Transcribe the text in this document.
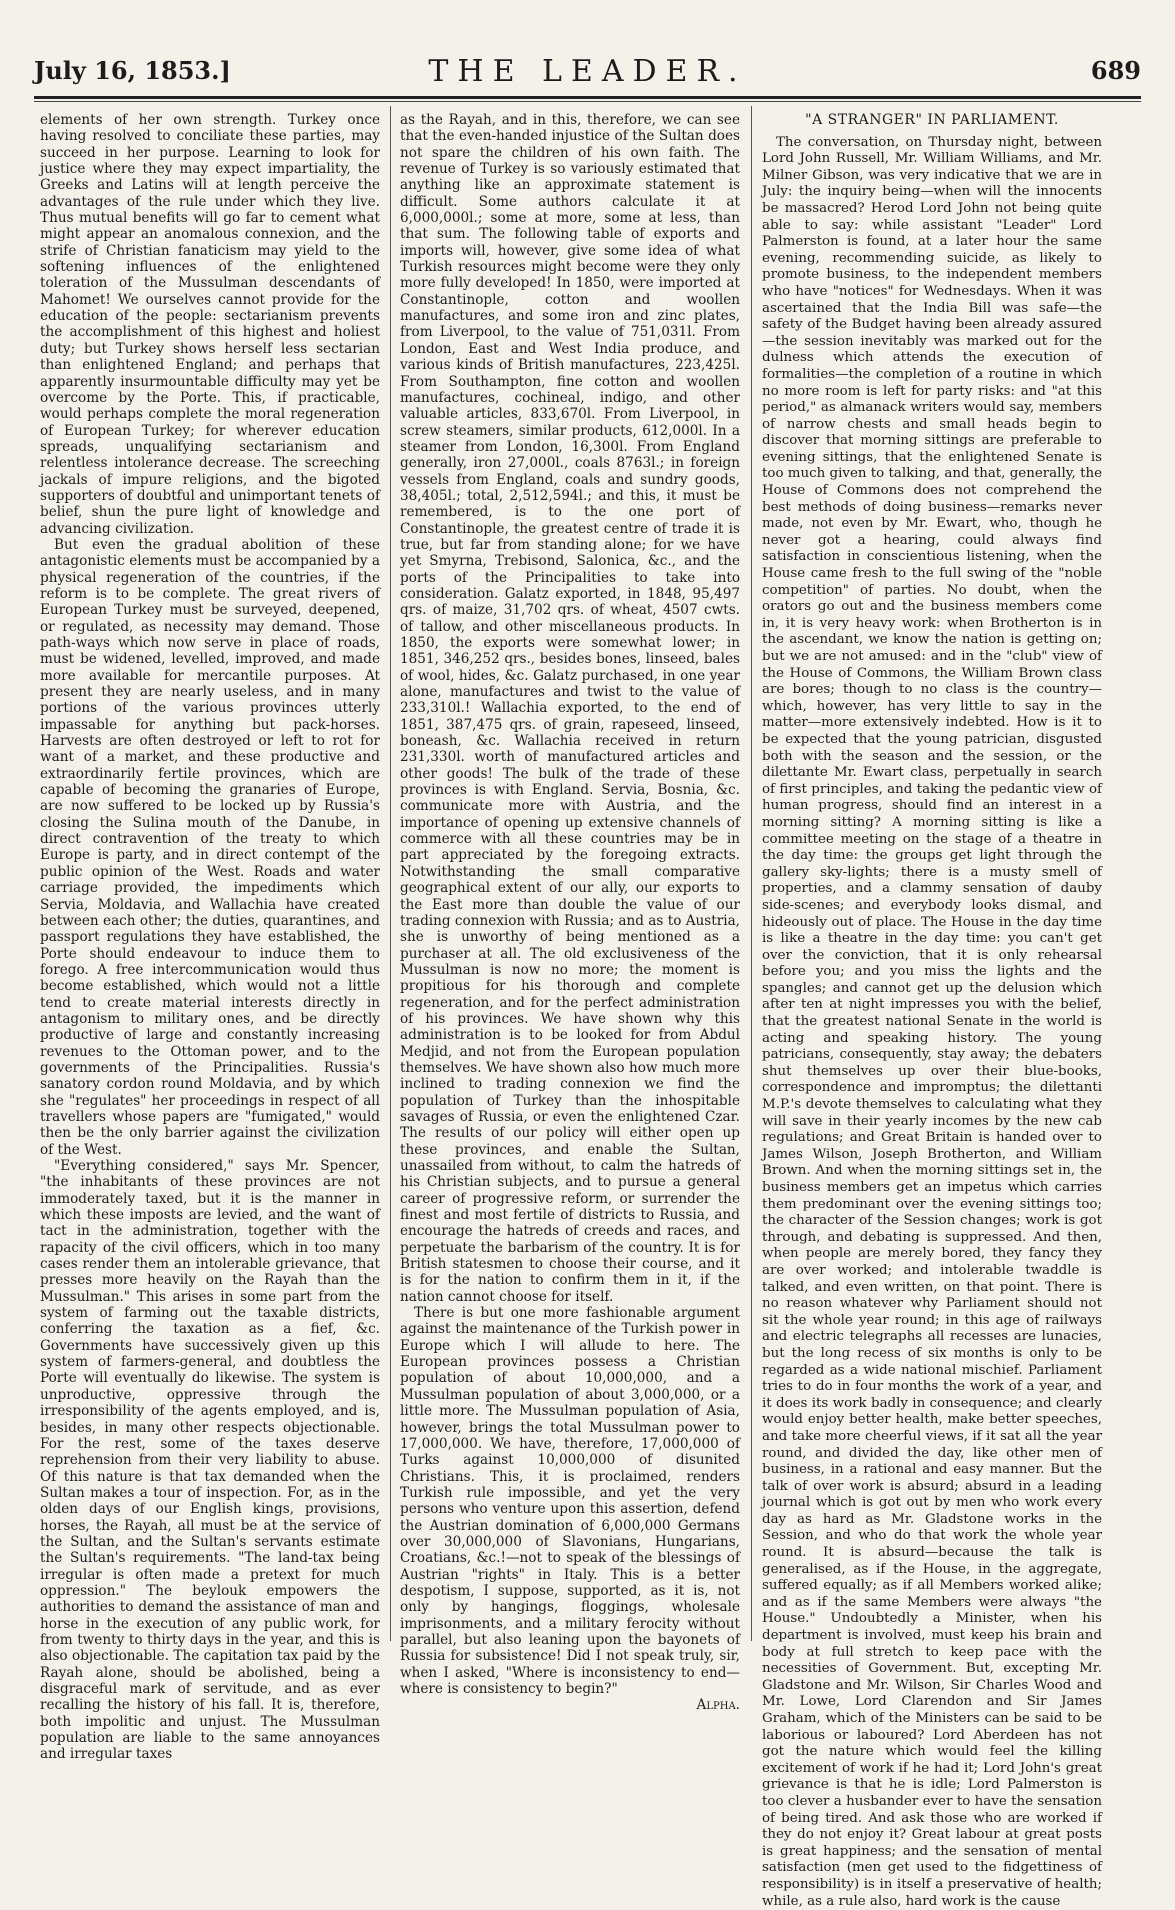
July 16, 1853.]	THE LEADER.	689

elements of her own strength. Turkey once having resolved to conciliate these parties, may succeed in her purpose. Learning to look for justice where they may expect impartiality, the Greeks and Latins will at length perceive the advantages of the rule under which they live. Thus mutual benefits will go far to cement what might appear an anomalous connexion, and the strife of Christian fanaticism may yield to the softening influences of the enlightened toleration of the Mussulman descendants of Mahomet! We ourselves cannot provide for the education of the people: sectarianism prevents the accomplishment of this highest and holiest duty; but Turkey shows herself less sectarian than enlightened England; and perhaps that apparently insurmountable difficulty may yet be overcome by the Porte. This, if practicable, would perhaps complete the moral regeneration of European Turkey; for wherever education spreads, unqualifying sectarianism and relentless intolerance decrease. The screeching jackals of impure religions, and the bigoted supporters of doubtful and unimportant tenets of belief, shun the pure light of knowledge and advancing civilization.

But even the gradual abolition of these antagonistic elements must be accompanied by a physical regeneration of the countries, if the reform is to be complete. The great rivers of European Turkey must be surveyed, deepened, or regulated, as necessity may demand. Those path-ways which now serve in place of roads, must be widened, levelled, improved, and made more available for mercantile purposes. At present they are nearly useless, and in many portions of the various provinces utterly impassable for anything but pack-horses. Harvests are often destroyed or left to rot for want of a market, and these productive and extraordinarily fertile provinces, which are capable of becoming the granaries of Europe, are now suffered to be locked up by Russia's closing the Sulina mouth of the Danube, in direct contravention of the treaty to which Europe is party, and in direct contempt of the public opinion of the West. Roads and water carriage provided, the impediments which Servia, Moldavia, and Wallachia have created between each other; the duties, quarantines, and passport regulations they have established, the Porte should endeavour to induce them to forego. A free intercommunication would thus become established, which would not a little tend to create material interests directly in antagonism to military ones, and be directly productive of large and constantly increasing revenues to the Ottoman power, and to the governments of the Principalities. Russia's sanatory cordon round Moldavia, and by which she "regulates" her proceedings in respect of all travellers whose papers are "fumigated," would then be the only barrier against the civilization of the West.

"Everything considered," says Mr. Spencer, "the inhabitants of these provinces are not immoderately taxed, but it is the manner in which these imposts are levied, and the want of tact in the administration, together with the rapacity of the civil officers, which in too many cases render them an intolerable grievance, that presses more heavily on the Rayah than the Mussulman." This arises in some part from the system of farming out the taxable districts, conferring the taxation as a fief, &c. Governments have successively given up this system of farmers-general, and doubtless the Porte will eventually do likewise. The system is unproductive, oppressive through the irresponsibility of the agents employed, and is, besides, in many other respects objectionable. For the rest, some of the taxes deserve reprehension from their very liability to abuse. Of this nature is that tax demanded when the Sultan makes a tour of inspection. For, as in the olden days of our English kings, provisions, horses, the Rayah, all must be at the service of the Sultan, and the Sultan's servants estimate the Sultan's requirements. "The land-tax being irregular is often made a pretext for much oppression." The beylouk empowers the authorities to demand the assistance of man and horse in the execution of any public work, for from twenty to thirty days in the year, and this is also objectionable. The capitation tax paid by the Rayah alone, should be abolished, being a disgraceful mark of servitude, and as ever recalling the history of his fall. It is, therefore, both impolitic and unjust. The Mussulman population are liable to the same annoyances and irregular taxes

as the Rayah, and in this, therefore, we can see that the even-handed injustice of the Sultan does not spare the children of his own faith. The revenue of Turkey is so variously estimated that anything like an approximate statement is difficult. Some authors calculate it at 6,000,000l.; some at more, some at less, than that sum. The following table of exports and imports will, however, give some idea of what Turkish resources might become were they only more fully developed! In 1850, were imported at Constantinople, cotton and woollen manufactures, and some iron and zinc plates, from Liverpool, to the value of 751,031l. From London, East and West India produce, and various kinds of British manufactures, 223,425l. From Southampton, fine cotton and woollen manufactures, cochineal, indigo, and other valuable articles, 833,670l. From Liverpool, in screw steamers, similar products, 612,000l. In a steamer from London, 16,300l. From England generally, iron 27,000l., coals 8763l.; in foreign vessels from England, coals and sundry goods, 38,405l.; total, 2,512,594l.; and this, it must be remembered, is to the one port of Constantinople, the greatest centre of trade it is true, but far from standing alone; for we have yet Smyrna, Trebisond, Salonica, &c., and the ports of the Principalities to take into consideration. Galatz exported, in 1848, 95,497 qrs. of maize, 31,702 qrs. of wheat, 4507 cwts. of tallow, and other miscellaneous products. In 1850, the exports were somewhat lower; in 1851, 346,252 qrs., besides bones, linseed, bales of wool, hides, &c. Galatz purchased, in one year alone, manufactures and twist to the value of 233,310l.! Wallachia exported, to the end of 1851, 387,475 qrs. of grain, rapeseed, linseed, boneash, &c. Wallachia received in return 231,330l. worth of manufactured articles and other goods! The bulk of the trade of these provinces is with England. Servia, Bosnia, &c. communicate more with Austria, and the importance of opening up extensive channels of commerce with all these countries may be in part appreciated by the foregoing extracts. Notwithstanding the small comparative geographical extent of our ally, our exports to the East more than double the value of our trading connexion with Russia; and as to Austria, she is unworthy of being mentioned as a purchaser at all. The old exclusiveness of the Mussulman is now no more; the moment is propitious for his thorough and complete regeneration, and for the perfect administration of his provinces. We have shown why this administration is to be looked for from Abdul Medjid, and not from the European population themselves. We have shown also how much more inclined to trading connexion we find the population of Turkey than the inhospitable savages of Russia, or even the enlightened Czar. The results of our policy will either open up these provinces, and enable the Sultan, unassailed from without, to calm the hatreds of his Christian subjects, and to pursue a general career of progressive reform, or surrender the finest and most fertile of districts to Russia, and encourage the hatreds of creeds and races, and perpetuate the barbarism of the country. It is for British statesmen to choose their course, and it is for the nation to confirm them in it, if the nation cannot choose for itself.

There is but one more fashionable argument against the maintenance of the Turkish power in Europe which I will allude to here. The European provinces possess a Christian population of about 10,000,000, and a Mussulman population of about 3,000,000, or a little more. The Mussulman population of Asia, however, brings the total Mussulman power to 17,000,000. We have, therefore, 17,000,000 of Turks against 10,000,000 of disunited Christians. This, it is proclaimed, renders Turkish rule impossible, and yet the very persons who venture upon this assertion, defend the Austrian domination of 6,000,000 Germans over 30,000,000 of Slavonians, Hungarians, Croatians, &c.!—not to speak of the blessings of Austrian "rights" in Italy. This is a better despotism, I suppose, supported, as it is, not only by hangings, floggings, wholesale imprisonments, and a military ferocity without parallel, but also leaning upon the bayonets of Russia for subsistence! Did I not speak truly, sir, when I asked, "Where is inconsistency to end—where is consistency to begin?"

Alpha.

"A STRANGER" IN PARLIAMENT.

The conversation, on Thursday night, between Lord John Russell, Mr. William Williams, and Mr. Milner Gibson, was very indicative that we are in July: the inquiry being—when will the innocents be massacred? Herod Lord John not being quite able to say: while assistant "Leader" Lord Palmerston is found, at a later hour the same evening, recommending suicide, as likely to promote business, to the independent members who have "notices" for Wednesdays. When it was ascertained that the India Bill was safe—the safety of the Budget having been already assured—the session inevitably was marked out for the dulness which attends the execution of formalities—the completion of a routine in which no more room is left for party risks: and "at this period," as almanack writers would say, members of narrow chests and small heads begin to discover that morning sittings are preferable to evening sittings, that the enlightened Senate is too much given to talking, and that, generally, the House of Commons does not comprehend the best methods of doing business—remarks never made, not even by Mr. Ewart, who, though he never got a hearing, could always find satisfaction in conscientious listening, when the House came fresh to the full swing of the "noble competition" of parties. No doubt, when the orators go out and the business members come in, it is very heavy work: when Brotherton is in the ascendant, we know the nation is getting on; but we are not amused: and in the "club" view of the House of Commons, the William Brown class are bores; though to no class is the country—which, however, has very little to say in the matter—more extensively indebted. How is it to be expected that the young patrician, disgusted both with the season and the session, or the dilettante Mr. Ewart class, perpetually in search of first principles, and taking the pedantic view of human progress, should find an interest in a morning sitting? A morning sitting is like a committee meeting on the stage of a theatre in the day time: the groups get light through the gallery sky-lights; there is a musty smell of properties, and a clammy sensation of dauby side-scenes; and everybody looks dismal, and hideously out of place. The House in the day time is like a theatre in the day time: you can't get over the conviction, that it is only rehearsal before you; and you miss the lights and the spangles; and cannot get up the delusion which after ten at night impresses you with the belief, that the greatest national Senate in the world is acting and speaking history. The young patricians, consequently, stay away; the debaters shut themselves up over their blue-books, correspondence and impromptus; the dilettanti M.P.'s devote themselves to calculating what they will save in their yearly incomes by the new cab regulations; and Great Britain is handed over to James Wilson, Joseph Brotherton, and William Brown. And when the morning sittings set in, the business members get an impetus which carries them predominant over the evening sittings too; the character of the Session changes; work is got through, and debating is suppressed. And then, when people are merely bored, they fancy they are over worked; and intolerable twaddle is talked, and even written, on that point. There is no reason whatever why Parliament should not sit the whole year round; in this age of railways and electric telegraphs all recesses are lunacies, but the long recess of six months is only to be regarded as a wide national mischief. Parliament tries to do in four months the work of a year, and it does its work badly in consequence; and clearly would enjoy better health, make better speeches, and take more cheerful views, if it sat all the year round, and divided the day, like other men of business, in a rational and easy manner. But the talk of over work is absurd; absurd in a leading journal which is got out by men who work every day as hard as Mr. Gladstone works in the Session, and who do that work the whole year round. It is absurd—because the talk is generalised, as if the House, in the aggregate, suffered equally; as if all Members worked alike; and as if the same Members were always "the House." Undoubtedly a Minister, when his department is involved, must keep his brain and body at full stretch to keep pace with the necessities of Government. But, excepting Mr. Gladstone and Mr. Wilson, Sir Charles Wood and Mr. Lowe, Lord Clarendon and Sir James Graham, which of the Ministers can be said to be laborious or laboured? Lord Aberdeen has not got the nature which would feel the killing excitement of work if he had it; Lord John's great grievance is that he is idle; Lord Palmerston is too clever a husbander ever to have the sensation of being tired. And ask those who are worked if they do not enjoy it? Great labour at great posts is great happiness; and the sensation of mental satisfaction (men get used to the fidgettiness of responsibility) is in itself a preservative of health; while, as a rule also, hard work is the cause
